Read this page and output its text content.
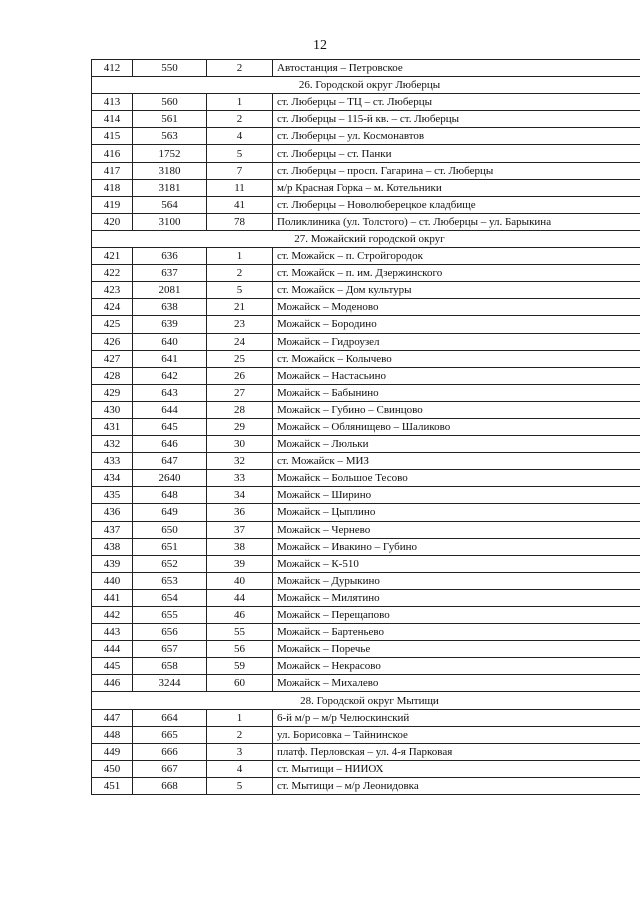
12
412	550	2	Автостанция – Петровское
26. Городской округ Люберцы			
413	560	1	ст. Люберцы – ТЦ – ст. Люберцы
414	561	2	ст. Люберцы – 115-й кв. – ст. Люберцы
415	563	4	ст. Люберцы – ул. Космонавтов
416	1752	5	ст. Люберцы – ст. Панки
417	3180	7	ст. Люберцы – просп. Гагарина – ст. Люберцы
418	3181	11	м/р Красная Горка – м. Котельники
419	564	41	ст. Люберцы – Новолюберецкое кладбище
420	3100	78	Поликлиника (ул. Толстого) – ст. Люберцы – ул. Барыкина
27. Можайский городской округ			
421	636	1	ст. Можайск – п. Стройгородок
422	637	2	ст. Можайск – п. им. Дзержинского
423	2081	5	ст. Можайск – Дом культуры
424	638	21	Можайск – Моденово
425	639	23	Можайск – Бородино
426	640	24	Можайск – Гидроузел
427	641	25	ст. Можайск – Колычево
428	642	26	Можайск – Настасьино
429	643	27	Можайск – Бабынино
430	644	28	Можайск – Губино – Свинцово
431	645	29	Можайск – Облянищево – Шаликово
432	646	30	Можайск – Люльки
433	647	32	ст. Можайск – МИЗ
434	2640	33	Можайск – Большое Тесово
435	648	34	Можайск – Ширино
436	649	36	Можайск – Цыплино
437	650	37	Можайск – Чернево
438	651	38	Можайск – Ивакино – Губино
439	652	39	Можайск – К-510
440	653	40	Можайск – Дурыкино
441	654	44	Можайск – Милятино
442	655	46	Можайск – Перещапово
443	656	55	Можайск – Бартеньево
444	657	56	Можайск – Поречье
445	658	59	Можайск – Некрасово
446	3244	60	Можайск – Михалево
28. Городской округ Мытищи			
447	664	1	6-й м/р – м/р Челюскинский
448	665	2	ул. Борисовка – Тайнинское
449	666	3	платф. Перловская – ул. 4-я Парковая
450	667	4	ст. Мытищи – НИИОХ
451	668	5	ст. Мытищи – м/р Леонидовка
